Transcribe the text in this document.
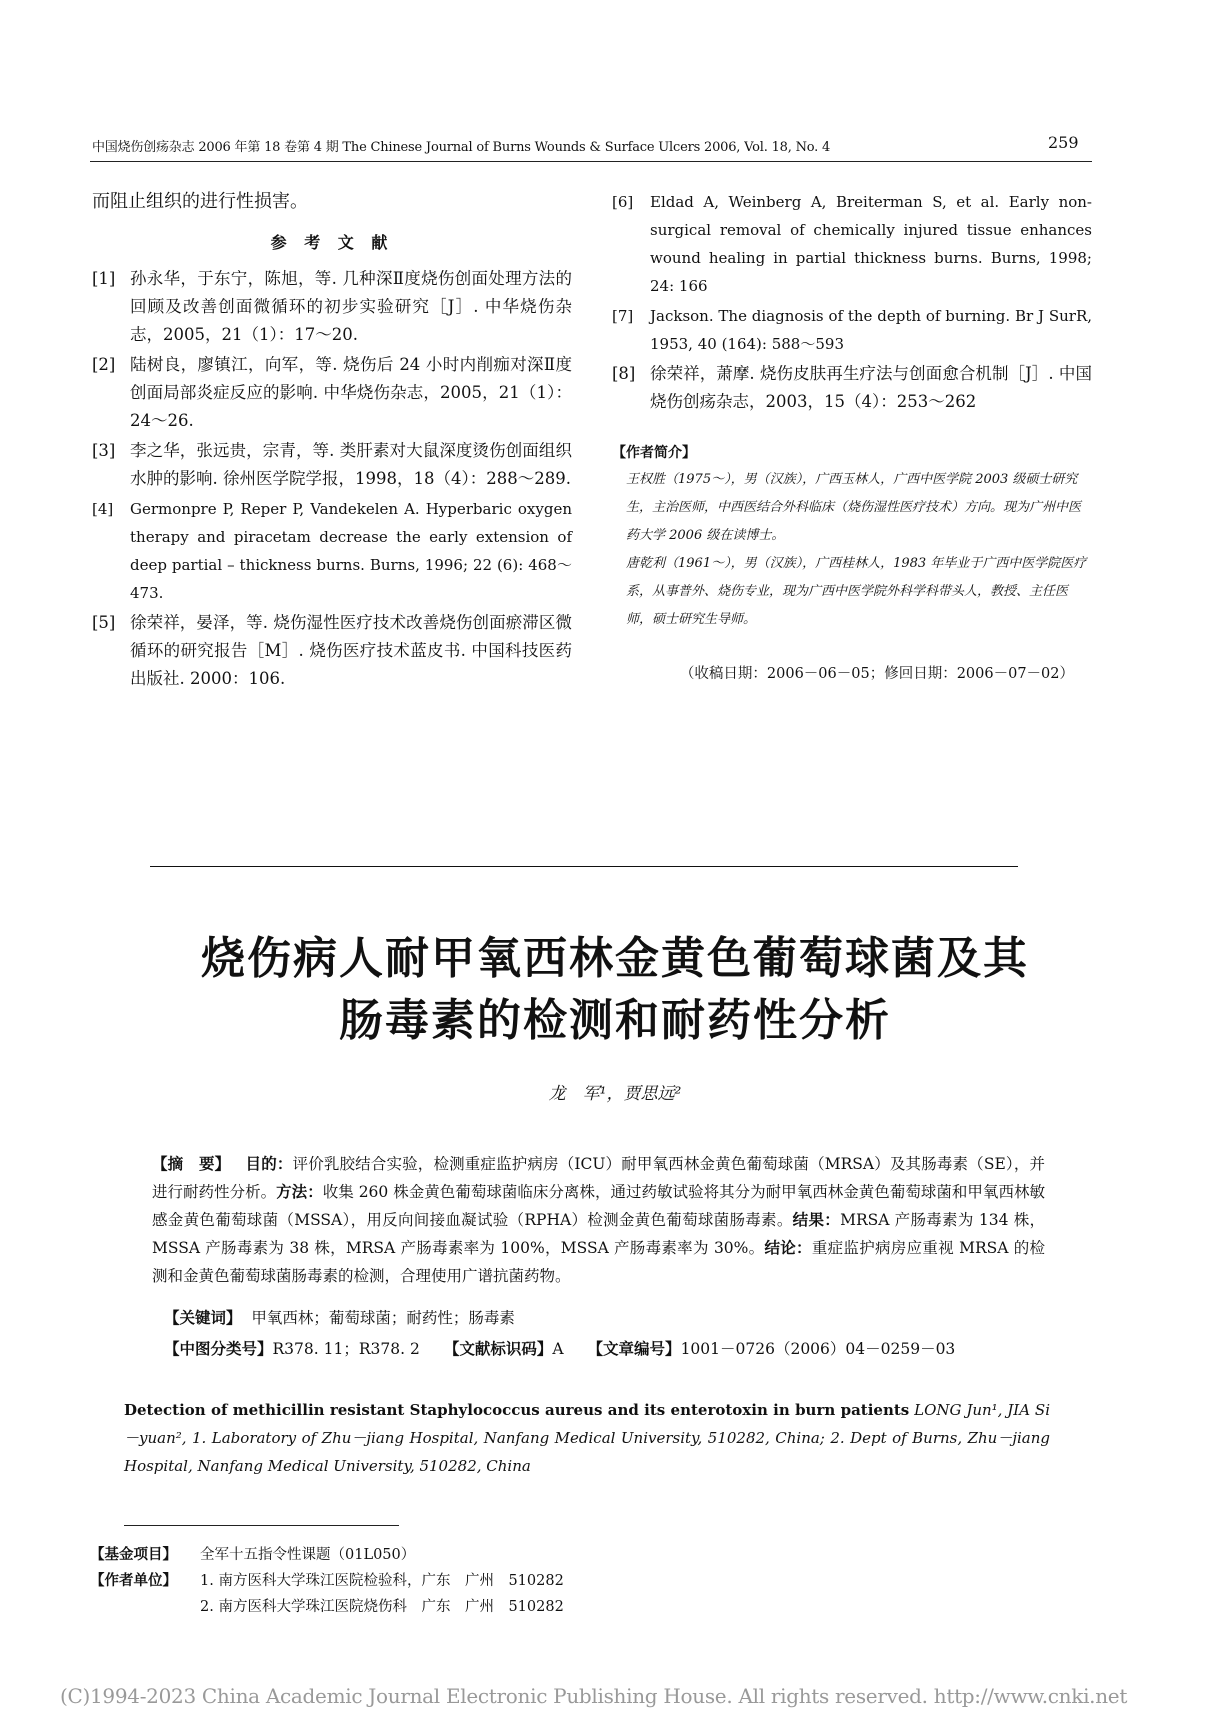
中国烧伤创疡杂志 2006 年第 18 卷第 4 期 The Chinese Journal of Burns Wounds & Surface Ulcers 2006, Vol. 18, No. 4	259
而阻止组织的进行性损害。
参 考 文 献
[1] 孙永华，于东宁，陈旭，等. 几种深Ⅱ度烧伤创面处理方法的回顾及改善创面微循环的初步实验研究［J］. 中华烧伤杂志，2005，21（1）：17～20.
[2] 陆树良，廖镇江，向军，等. 烧伤后 24 小时内削痂对深Ⅱ度创面局部炎症反应的影响. 中华烧伤杂志，2005，21（1）：24～26.
[3] 李之华，张远贵，宗青，等. 类肝素对大鼠深度烫伤创面组织水肿的影响. 徐州医学院学报，1998，18（4）：288～289.
[4] Germonpre P, Reper P, Vandekelen A. Hyperbaric oxygen therapy and piracetam decrease the early extension of deep partial – thickness burns. Burns, 1996; 22 (6): 468～473.
[5] 徐荣祥，晏泽，等. 烧伤湿性医疗技术改善烧伤创面瘀滞区微循环的研究报告［M］. 烧伤医疗技术蓝皮书. 中国科技医药出版社. 2000：106.
[6] Eldad A, Weinberg A, Breiterman S, et al. Early non-surgical removal of chemically injured tissue enhances wound healing in partial thickness burns. Burns, 1998; 24: 166
[7] Jackson. The diagnosis of the depth of burning. Br J SurR, 1953, 40 (164): 588～593
[8] 徐荣祥，萧摩. 烧伤皮肤再生疗法与创面愈合机制［J］. 中国烧伤创疡杂志，2003，15（4）：253～262
【作者简介】
王权胜（1975～），男（汉族），广西玉林人，广西中医学院 2003 级硕士研究生，主治医师，中西医结合外科临床（烧伤湿性医疗技术）方向。现为广州中医药大学 2006 级在读博士。
唐乾利（1961～），男（汉族），广西桂林人，1983 年毕业于广西中医学院医疗系，从事普外、烧伤专业，现为广西中医学院外科学科带头人，教授、主任医师，硕士研究生导师。
（收稿日期：2006－06－05；修回日期：2006－07－02）
烧伤病人耐甲氧西林金黄色葡萄球菌及其
肠毒素的检测和耐药性分析
龙　军¹，贾思远²
【摘　要】 目的：评价乳胶结合实验，检测重症监护病房（ICU）耐甲氧西林金黄色葡萄球菌（MRSA）及其肠毒素（SE），并进行耐药性分析。方法：收集 260 株金黄色葡萄球菌临床分离株，通过药敏试验将其分为耐甲氧西林金黄色葡萄球菌和甲氧西林敏感金黄色葡萄球菌（MSSA），用反向间接血凝试验（RPHA）检测金黄色葡萄球菌肠毒素。结果：MRSA 产肠毒素为 134 株，MSSA 产肠毒素为 38 株，MRSA 产肠毒素率为 100%，MSSA 产肠毒素率为 30%。结论：重症监护病房应重视 MRSA 的检测和金黄色葡萄球菌肠毒素的检测，合理使用广谱抗菌药物。
【关键词】 甲氧西林；葡萄球菌；耐药性；肠毒素
【中图分类号】R378. 11；R378. 2 【文献标识码】A 【文章编号】1001－0726（2006）04－0259－03
Detection of methicillin resistant Staphylococcus aureus and its enterotoxin in burn patients LONG Jun¹, JIA Si－yuan², 1. Laboratory of Zhu－jiang Hospital, Nanfang Medical University, 510282, China; 2. Dept of Burns, Zhu－jiang Hospital, Nanfang Medical University, 510282, China
【基金项目】 全军十五指令性课题（01L050）
【作者单位】 1. 南方医科大学珠江医院检验科，广东　广州　510282
2. 南方医科大学珠江医院烧伤科　广东　广州　510282
(C)1994-2023 China Academic Journal Electronic Publishing House. All rights reserved. http://www.cnki.net
